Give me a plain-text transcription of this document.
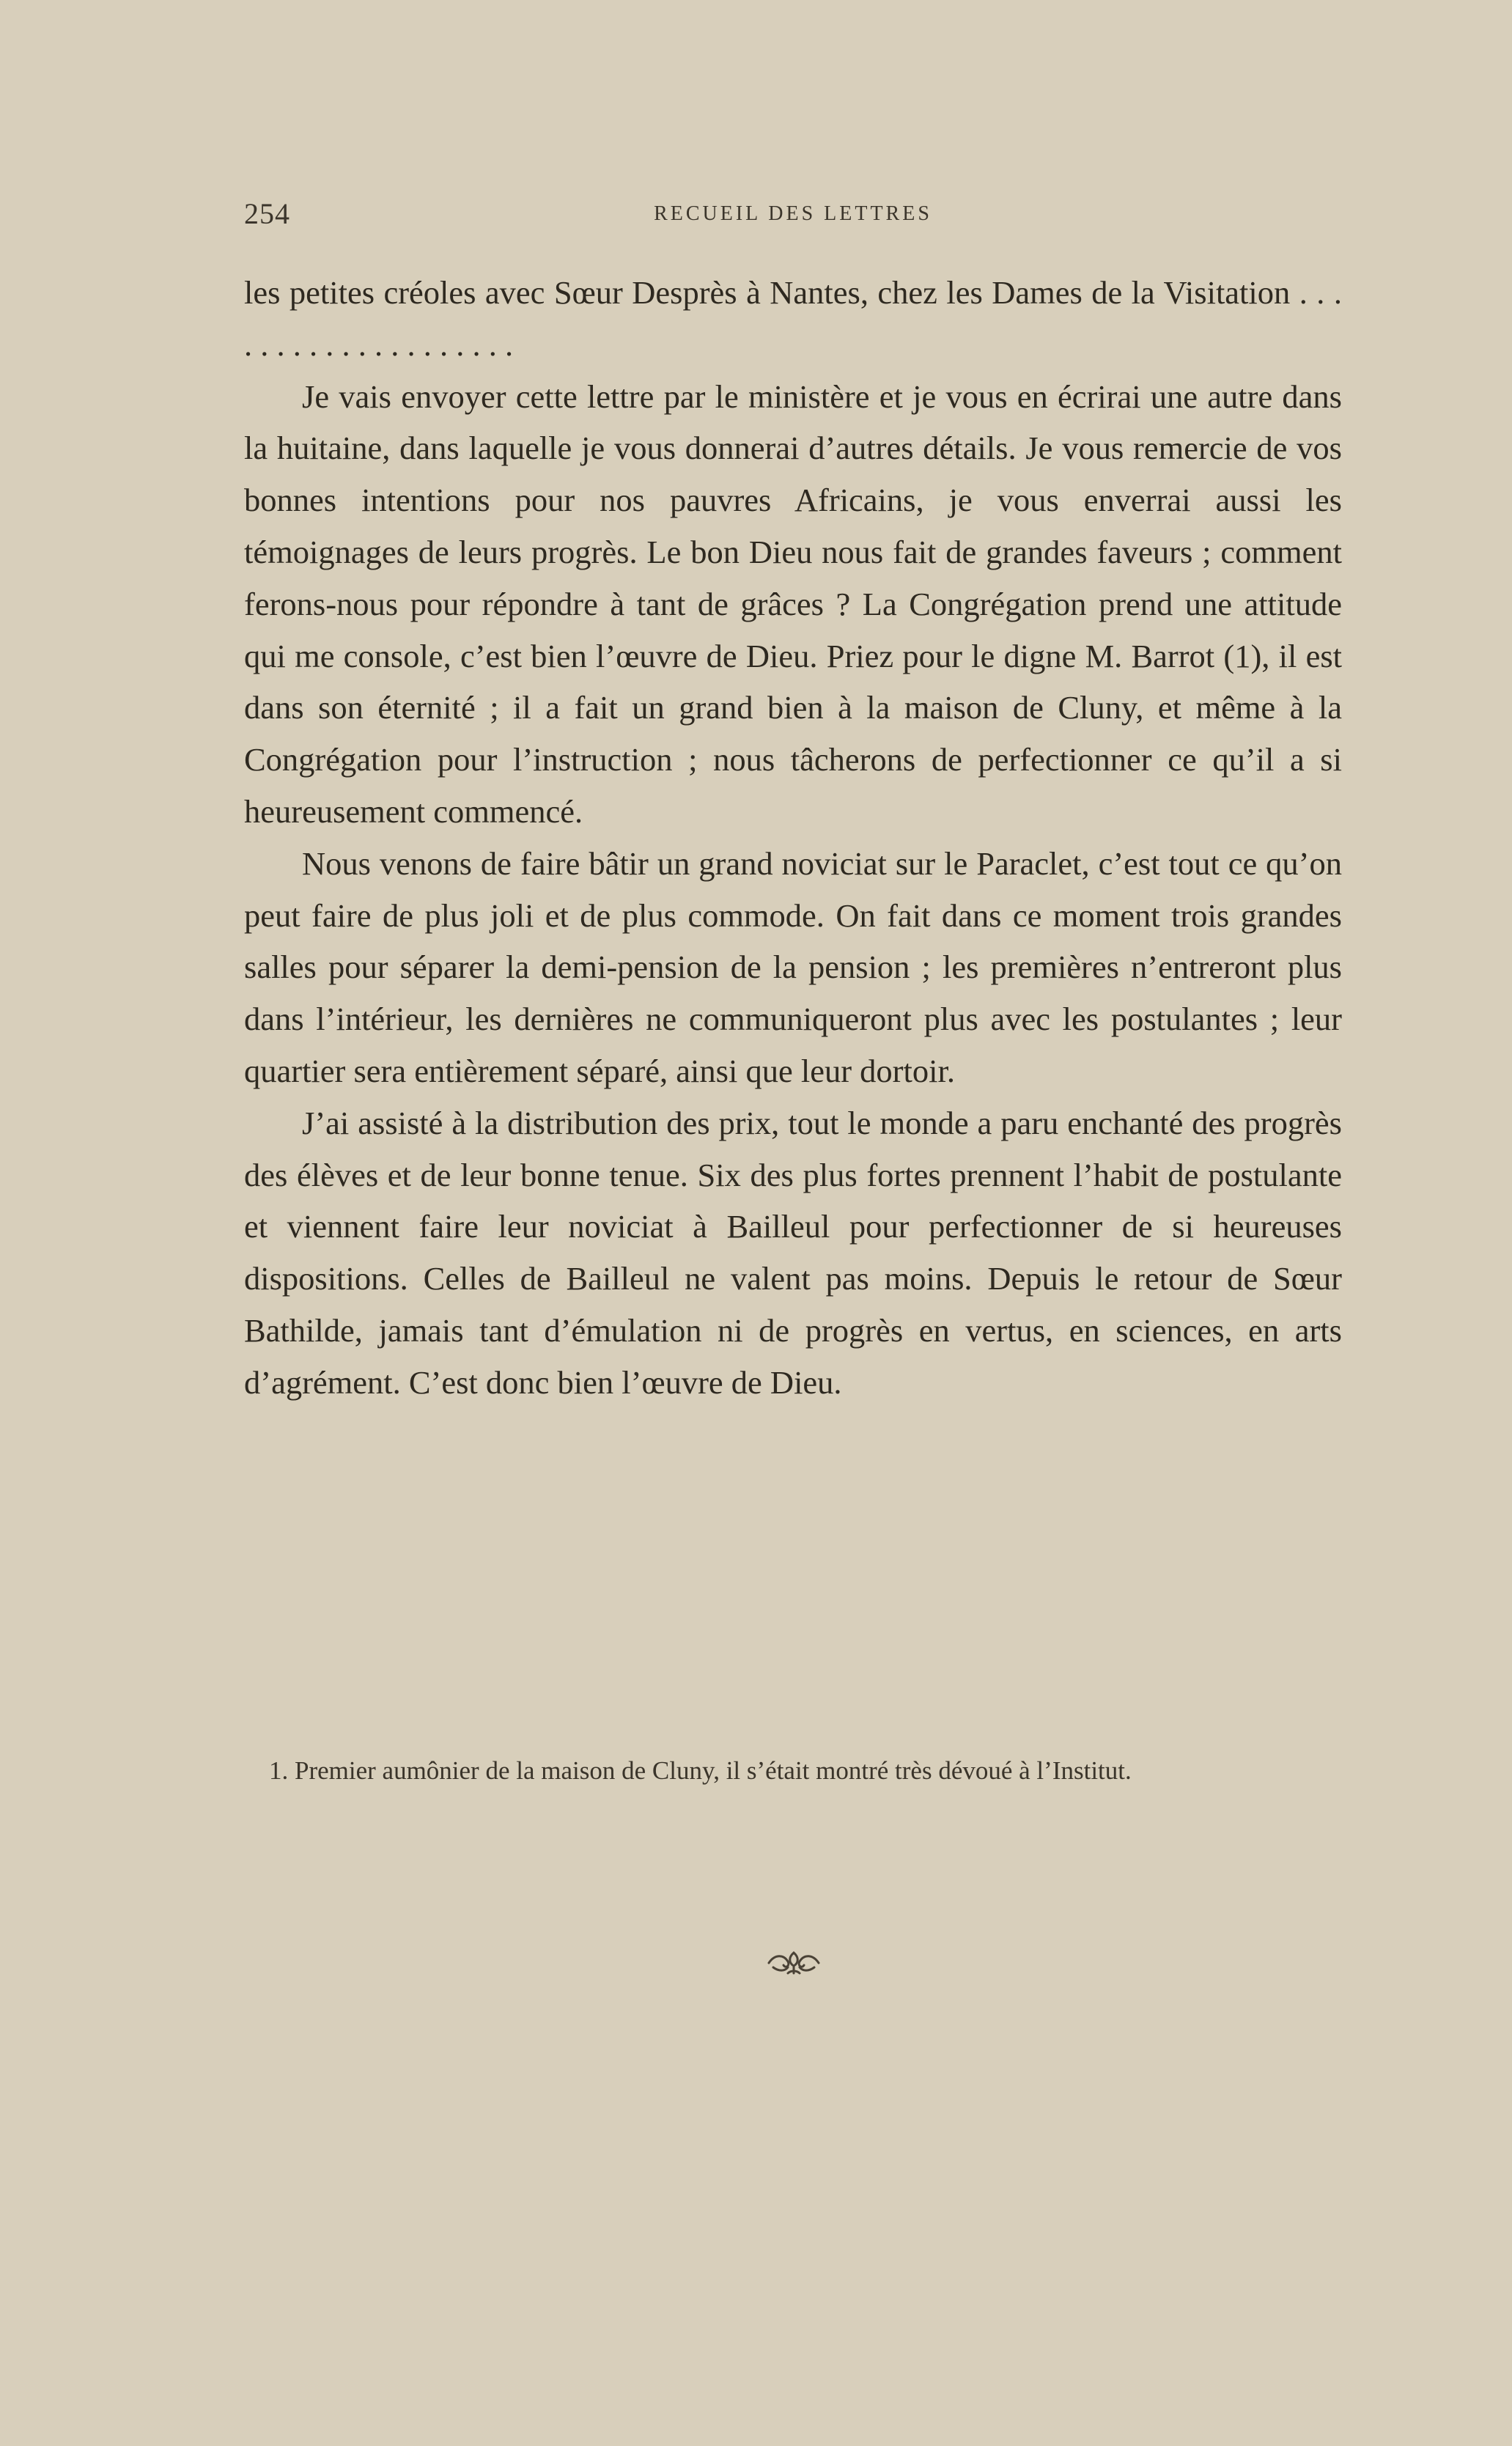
254	RECUEIL DES LETTRES

les petites créoles avec Sœur Desprès à Nantes, chez les Dames de la Visitation . . . . . . . . . . . . . . . . . . . .

Je vais envoyer cette lettre par le ministère et je vous en écrirai une autre dans la huitaine, dans laquelle je vous donnerai d’autres détails. Je vous remercie de vos bonnes intentions pour nos pauvres Africains, je vous enverrai aussi les témoignages de leurs progrès. Le bon Dieu nous fait de grandes faveurs ; comment ferons-nous pour répondre à tant de grâces ? La Congrégation prend une attitude qui me console, c’est bien l’œuvre de Dieu. Priez pour le digne M. Barrot (1), il est dans son éternité ; il a fait un grand bien à la maison de Cluny, et même à la Congrégation pour l’instruction ; nous tâcherons de perfectionner ce qu’il a si heureusement commencé.

Nous venons de faire bâtir un grand noviciat sur le Paraclet, c’est tout ce qu’on peut faire de plus joli et de plus commode. On fait dans ce moment trois grandes salles pour séparer la demi-pension de la pension ; les premières n’entreront plus dans l’intérieur, les dernières ne communiqueront plus avec les postulantes ; leur quartier sera entièrement séparé, ainsi que leur dortoir.

J’ai assisté à la distribution des prix, tout le monde a paru enchanté des progrès des élèves et de leur bonne tenue. Six des plus fortes prennent l’habit de postulante et viennent faire leur noviciat à Bailleul pour perfectionner de si heureuses dispositions. Celles de Bailleul ne valent pas moins. Depuis le retour de Sœur Bathilde, jamais tant d’émulation ni de progrès en vertus, en sciences, en arts d’agrément. C’est donc bien l’œuvre de Dieu.

1. Premier aumônier de la maison de Cluny, il s’était montré très dévoué à l’Institut.
